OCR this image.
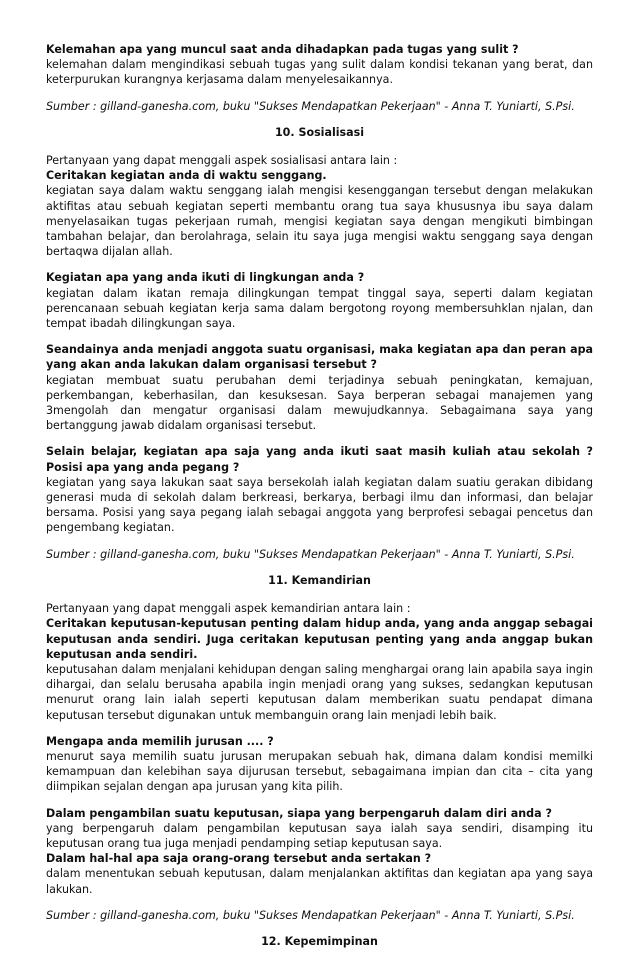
Kelemahan apa yang muncul saat anda dihadapkan pada tugas yang sulit ?

kelemahan dalam mengindikasi sebuah tugas yang sulit dalam kondisi tekanan yang berat, dan keterpurukan kurangnya kerjasama dalam menyelesaikannya.

Sumber : gilland-ganesha.com, buku "Sukses Mendapatkan Pekerjaan" - Anna T. Yuniarti, S.Psi.

10. Sosialisasi

Pertanyaan yang dapat menggali aspek sosialisasi antara lain :

Ceritakan kegiatan anda di waktu senggang.

kegiatan saya dalam waktu senggang ialah mengisi kesenggangan tersebut dengan melakukan aktifitas atau sebuah kegiatan seperti membantu orang tua saya khususnya ibu saya dalam menyelasaikan tugas pekerjaan rumah, mengisi kegiatan saya dengan mengikuti bimbingan tambahan belajar, dan berolahraga, selain itu saya juga mengisi waktu senggang saya dengan bertaqwa dijalan allah.

Kegiatan apa yang anda ikuti di lingkungan anda ?

kegiatan dalam ikatan remaja dilingkungan tempat tinggal saya, seperti dalam kegiatan perencanaan sebuah kegiatan kerja sama dalam bergotong royong membersuhklan njalan, dan tempat ibadah dilingkungan saya.

Seandainya anda menjadi anggota suatu organisasi, maka kegiatan apa dan peran apa yang akan anda lakukan dalam organisasi tersebut ?

kegiatan membuat suatu perubahan demi terjadinya sebuah peningkatan, kemajuan, perkembangan, keberhasilan, dan kesuksesan. Saya berperan sebagai manajemen yang 3mengolah dan mengatur organisasi dalam mewujudkannya. Sebagaimana saya yang bertanggung jawab didalam organisasi tersebut.

Selain belajar, kegiatan apa saja yang anda ikuti saat masih kuliah atau sekolah ? Posisi apa yang anda pegang ?

kegiatan yang saya lakukan saat saya bersekolah ialah kegiatan dalam suatiu gerakan dibidang generasi muda di sekolah dalam berkreasi, berkarya, berbagi ilmu dan informasi, dan belajar bersama. Posisi yang saya pegang ialah sebagai anggota yang berprofesi sebagai pencetus dan pengembang kegiatan.

Sumber : gilland-ganesha.com, buku "Sukses Mendapatkan Pekerjaan" - Anna T. Yuniarti, S.Psi.

11. Kemandirian

Pertanyaan yang dapat menggali aspek kemandirian antara lain :

Ceritakan keputusan-keputusan penting dalam hidup anda, yang anda anggap sebagai keputusan anda sendiri. Juga ceritakan keputusan penting yang anda anggap bukan keputusan anda sendiri.

keputusahan dalam menjalani kehidupan dengan saling menghargai orang lain apabila saya ingin dihargai, dan selalu berusaha apabila ingin menjadi orang yang sukses, sedangkan keputusan menurut orang lain ialah seperti keputusan dalam memberikan suatu pendapat dimana keputusan tersebut digunakan untuk membanguin orang lain menjadi lebih baik.

Mengapa anda memilih jurusan .... ?

menurut saya memilih suatu jurusan merupakan sebuah hak, dimana dalam kondisi memilki kemampuan dan kelebihan saya dijurusan tersebut, sebagaimana impian dan cita – cita yang diimpikan sejalan dengan apa jurusan yang kita pilih.

Dalam pengambilan suatu keputusan, siapa yang berpengaruh dalam diri anda ?

yang berpengaruh dalam pengambilan keputusan saya ialah saya sendiri, disamping itu keputusan orang tua juga menjadi pendamping setiap keputusan saya.

Dalam hal-hal apa saja orang-orang tersebut anda sertakan ?

dalam menentukan sebuah keputusan, dalam menjalankan aktifitas dan kegiatan apa yang saya lakukan.

Sumber : gilland-ganesha.com, buku "Sukses Mendapatkan Pekerjaan" - Anna T. Yuniarti, S.Psi.

12. Kepemimpinan
